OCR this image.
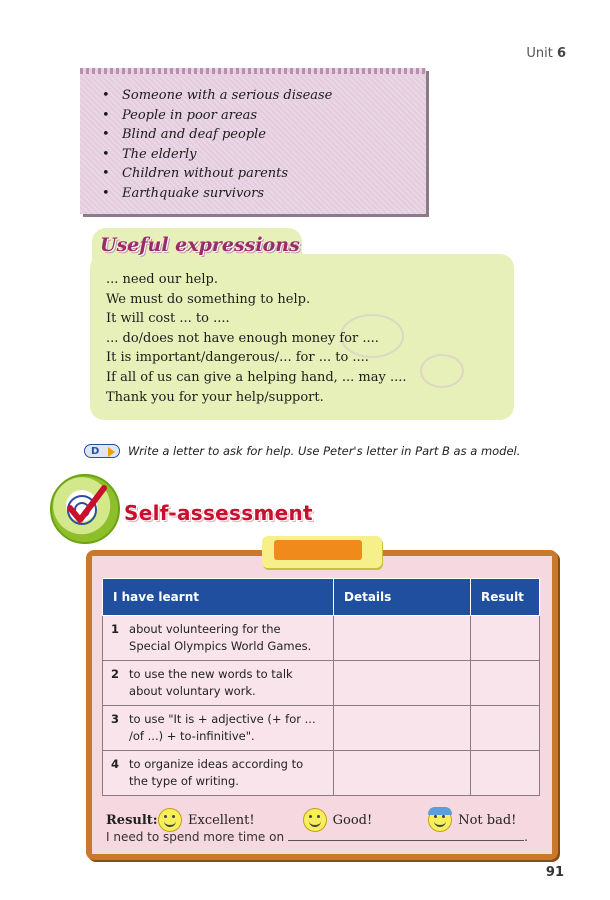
Unit 6
• Someone with a serious disease
• People in poor areas
• Blind and deaf people
• The elderly
• Children without parents
• Earthquake survivors
Useful expressions
... need our help.
We must do something to help.
It will cost ... to ....
... do/does not have enough money for ....
It is important/dangerous/... for ... to ....
If all of us can give a helping hand, ... may ....
Thank you for your help/support.
D	Write a letter to ask for help. Use Peter's letter in Part B as a model.
Self-assessment
I have learnt	Details	Result

1 about volunteering for the Special Olympics World Games.		

2 to use the new words to talk about voluntary work.		

3 to use "It is + adjective (+ for ... /of ...) + to-infinitive".		

4 to organize ideas according to the type of writing.		

Result: Excellent!	Good!	Not bad!
I need to spend more time on	.
91
